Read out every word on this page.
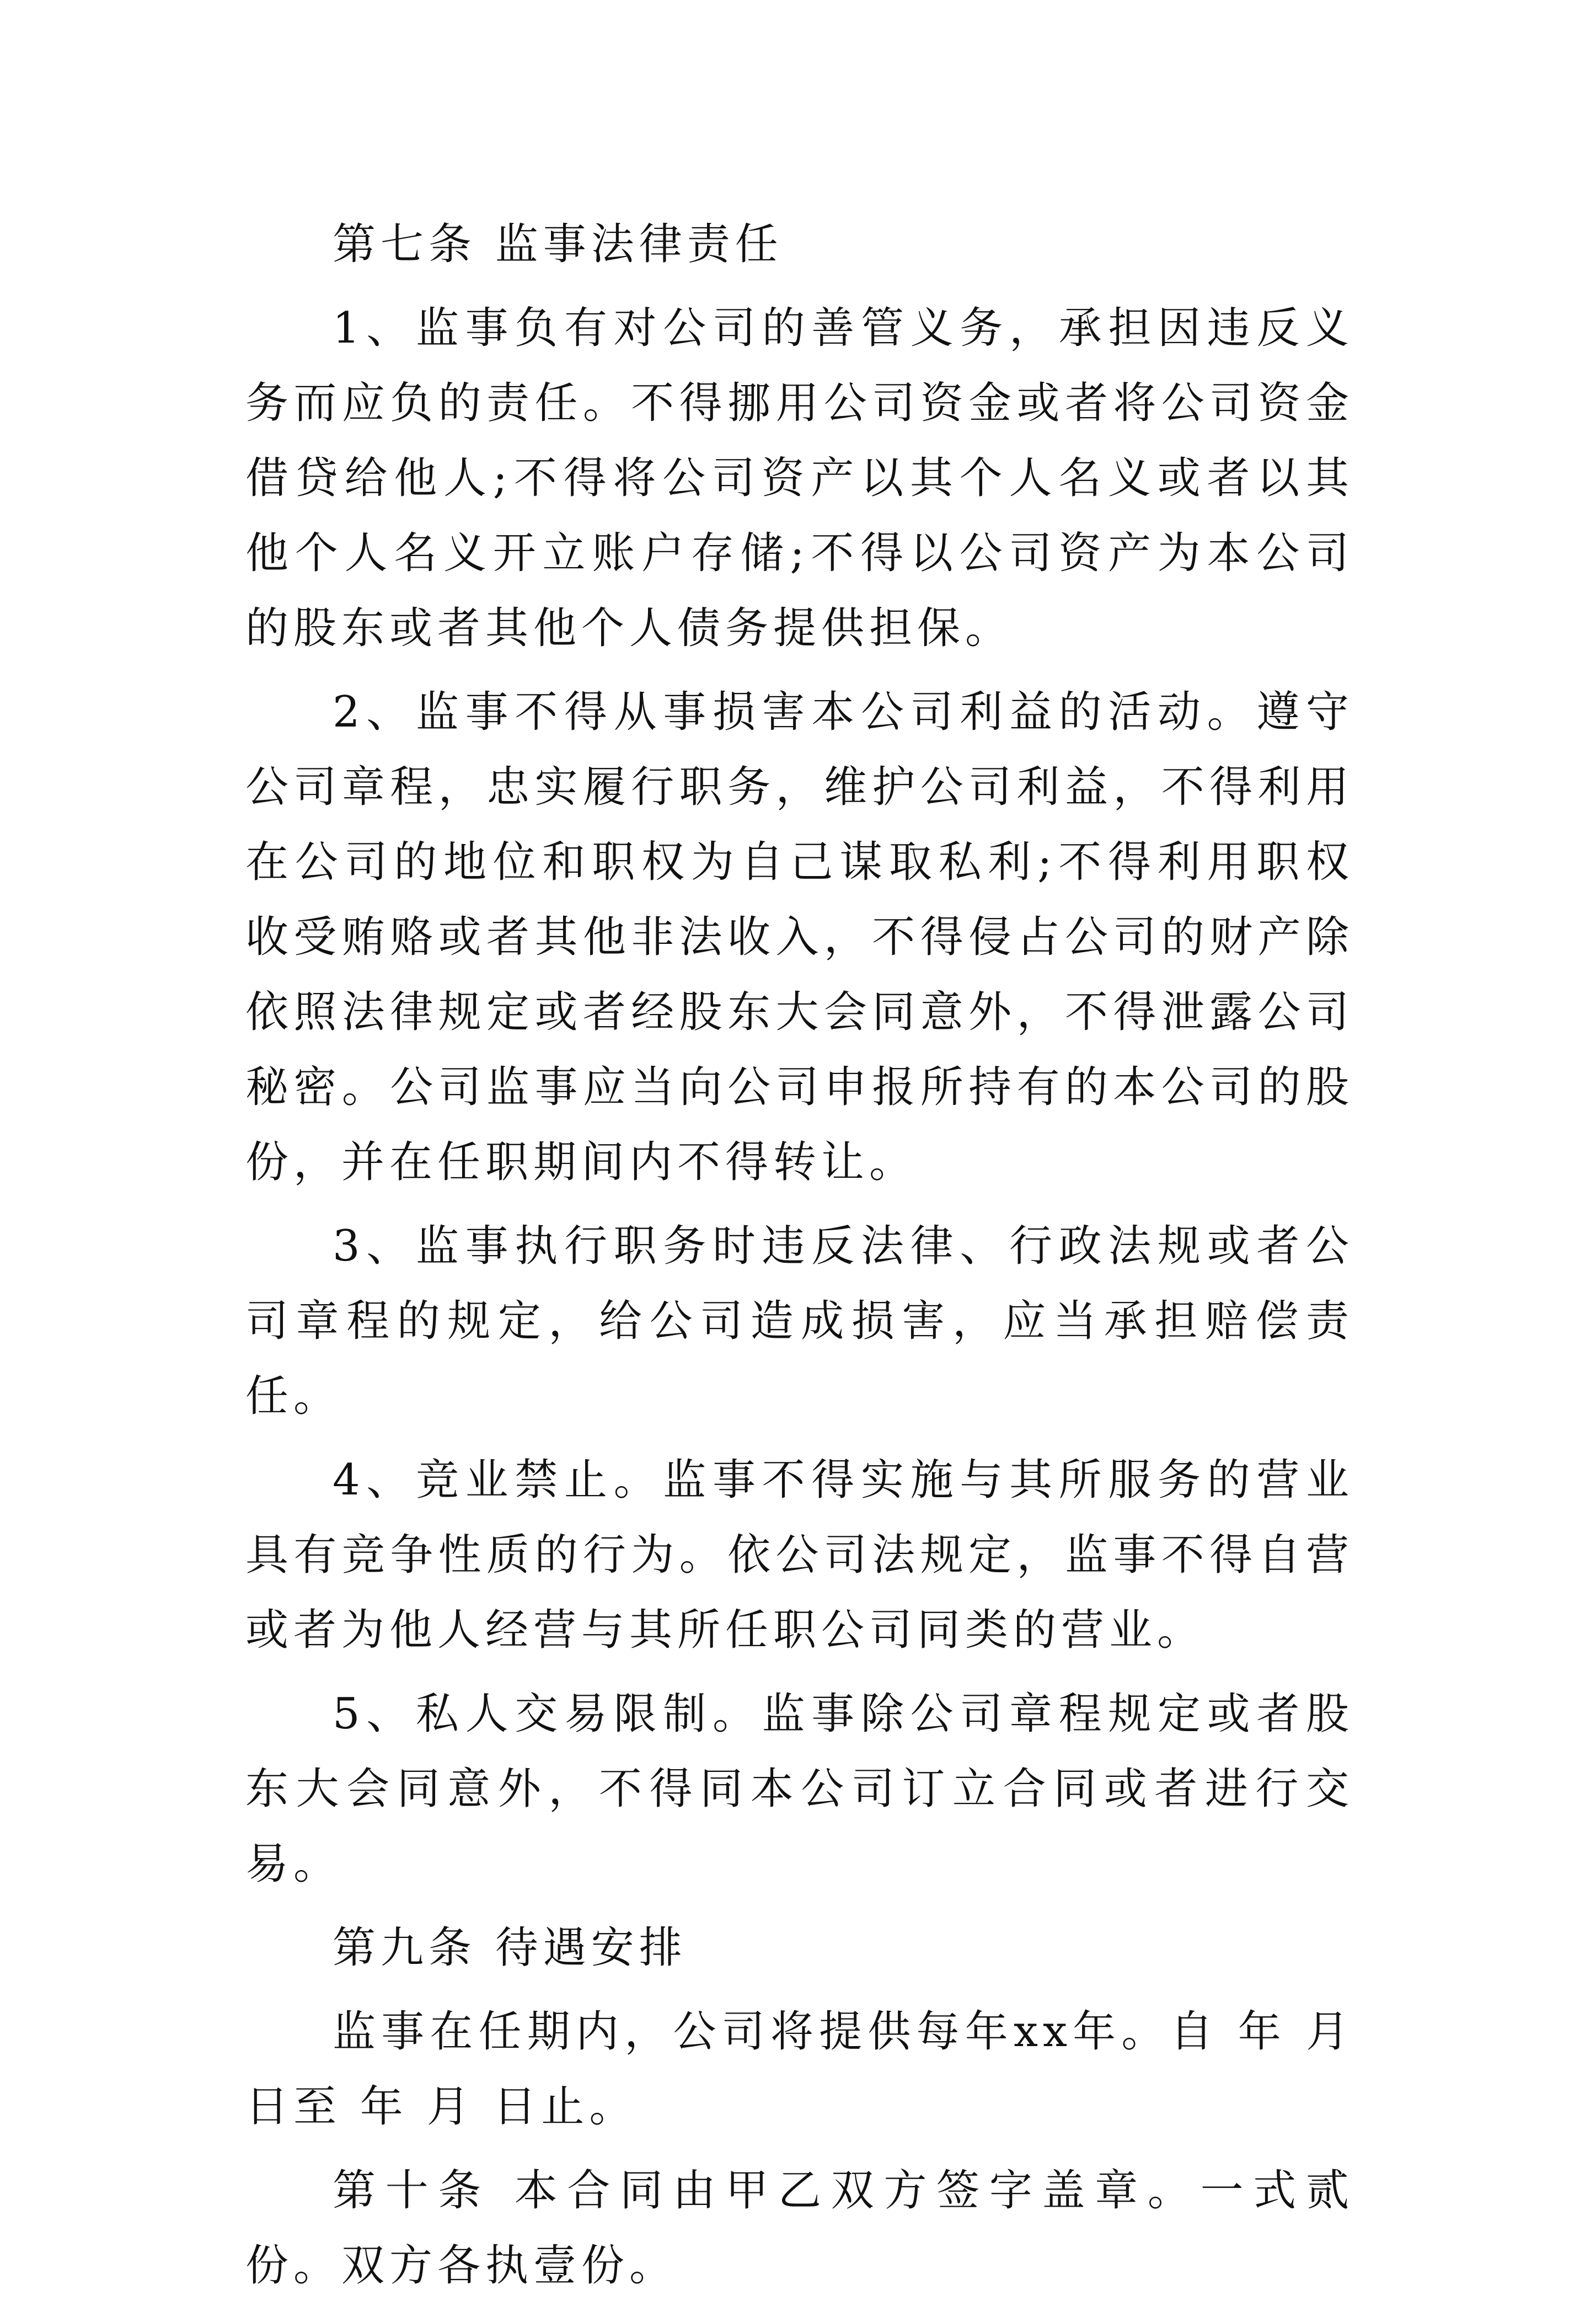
第七条 监事法律责任

1、监事负有对公司的善管义务，承担因违反义务而应负的责任。不得挪用公司资金或者将公司资金借贷给他人;不得将公司资产以其个人名义或者以其他个人名义开立账户存储;不得以公司资产为本公司的股东或者其他个人债务提供担保。

2、监事不得从事损害本公司利益的活动。遵守公司章程，忠实履行职务，维护公司利益，不得利用在公司的地位和职权为自己谋取私利;不得利用职权收受贿赂或者其他非法收入，不得侵占公司的财产除依照法律规定或者经股东大会同意外，不得泄露公司秘密。公司监事应当向公司申报所持有的本公司的股份，并在任职期间内不得转让。

3、监事执行职务时违反法律、行政法规或者公司章程的规定，给公司造成损害，应当承担赔偿责任。

4、竞业禁止。监事不得实施与其所服务的营业具有竞争性质的行为。依公司法规定，监事不得自营或者为他人经营与其所任职公司同类的营业。

5、私人交易限制。监事除公司章程规定或者股东大会同意外，不得同本公司订立合同或者进行交易。

第九条 待遇安排

监事在任期内，公司将提供每年xx年。自 年 月 日至 年 月 日止。

第十条 本合同由甲乙双方签字盖章。一式贰份。双方各执壹份。
